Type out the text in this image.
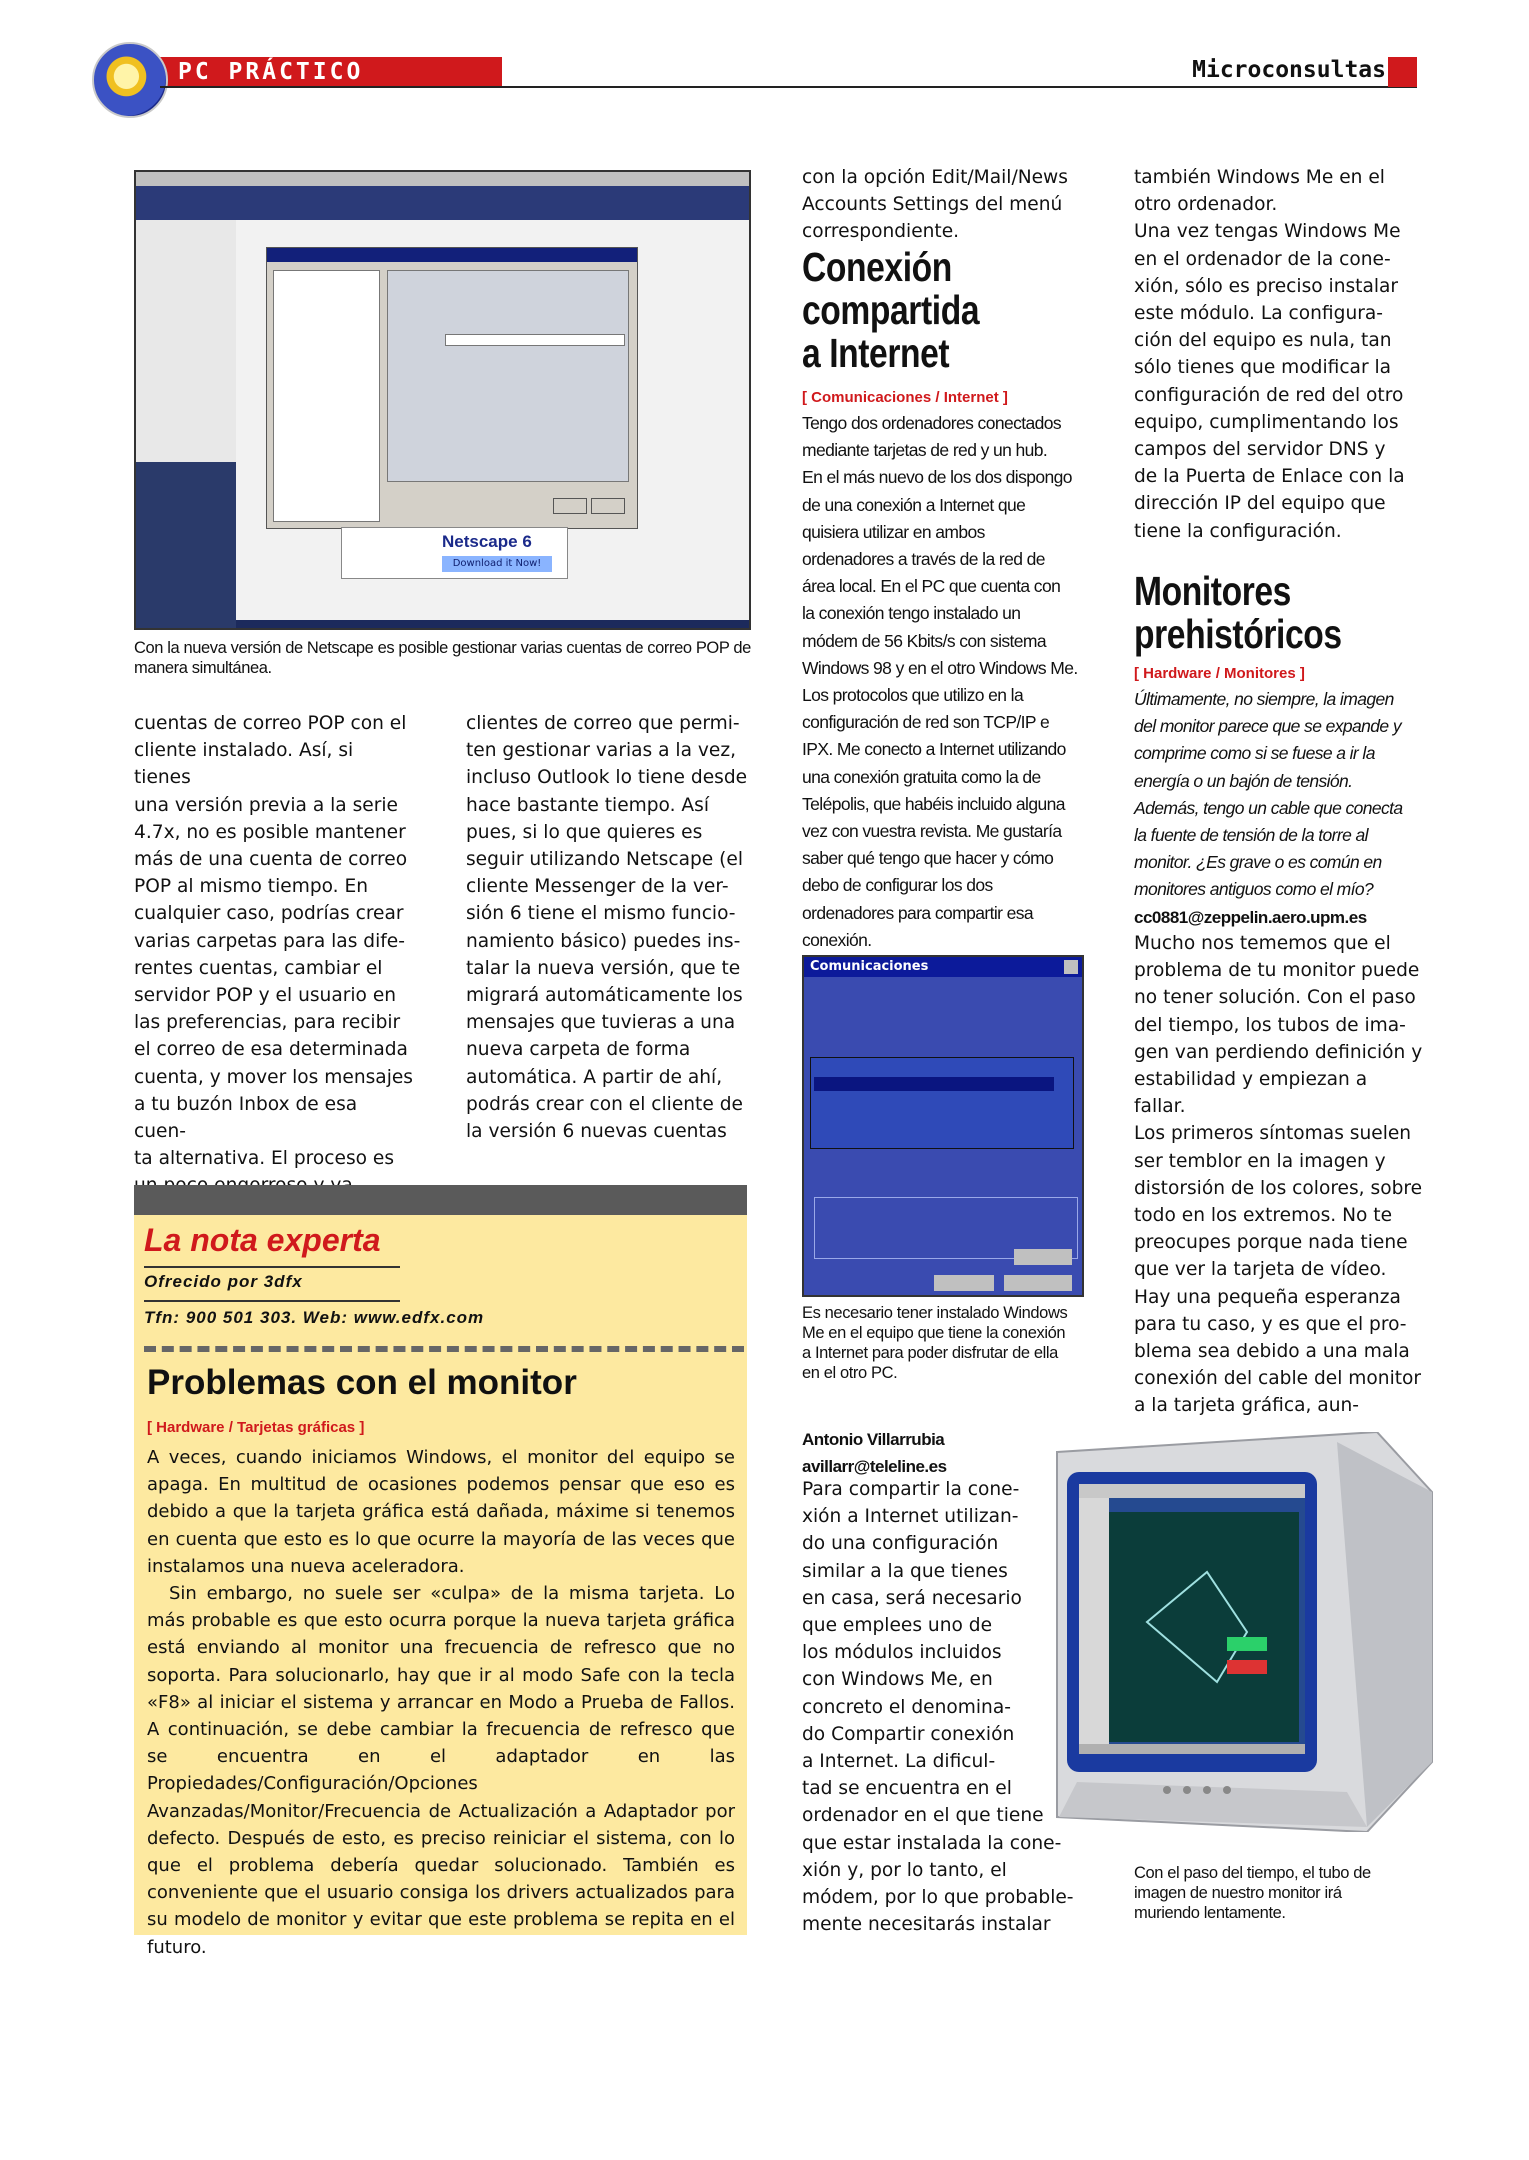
PC PRÁCTICO	Microconsultas
Netscape 6
Download it Now!
Con la nueva versión de Netscape es posible gestionar varias cuentas de correo POP de manera simultánea.

cuentas de correo POP con el

cliente instalado. Así, si tienes

una versión previa a la serie

4.7x, no es posible mantener

más de una cuenta de correo

POP al mismo tiempo. En

cualquier caso, podrías crear

varias carpetas para las dife-

rentes cuentas, cambiar el

servidor POP y el usuario en

las preferencias, para recibir

el correo de esa determinada

cuenta, y mover los mensajes

a tu buzón Inbox de esa cuen-

ta alternativa. El proceso es

clientes de correo que permi-

ten gestionar varias a la vez,

incluso Outlook lo tiene desde

hace bastante tiempo. Así

pues, si lo que quieres es

seguir utilizando Netscape (el

cliente Messenger de la ver-

sión 6 tiene el mismo funcio-

namiento básico) puedes ins-

talar la nueva versión, que te

migrará automáticamente los

mensajes que tuvieras a una

nueva carpeta de forma

automática. A partir de ahí,

podrás crear con el cliente de

la versión 6 nuevas cuentas

La nota experta
Ofrecido por 3dfx
Tfn: 900 501 303. Web: www.edfx.com
Problemas con el monitor
[ Hardware / Tarjetas gráficas ]

A veces, cuando iniciamos Windows, el monitor del equipo se apaga. En multitud de ocasiones podemos pensar que eso es debido a que la tarjeta gráfica está dañada, máxime si tenemos en cuenta que esto es lo que ocurre la mayoría de las veces que instalamos una nueva aceleradora.

Sin embargo, no suele ser «culpa» de la misma tarjeta. Lo más probable es que esto ocurra porque la nueva tarjeta gráfica está enviando al monitor una frecuencia de refresco que no soporta. Para solucionarlo, hay que ir al modo Safe con la tecla «F8» al iniciar el sistema y arrancar en Modo a Prueba de Fallos. A continuación, se debe cambiar la frecuencia de refresco que se encuentra en el adaptador en las Propiedades/Configuración/Opciones Avanzadas/Monitor/Frecuencia de Actualización a Adaptador por defecto. Después de esto, es preciso reiniciar el sistema, con lo que el problema debería quedar solucionado. También es conveniente que el usuario consiga los drivers actualizados para su modelo de monitor y evitar que este problema se repita en el futuro.

con la opción Edit/Mail/News

Accounts Settings del menú

correspondiente.

Conexión

compartida

a Internet

[ Comunicaciones / Internet ]

Tengo dos ordenadores conectados

mediante tarjetas de red y un hub.

En el más nuevo de los dos dispongo

de una conexión a Internet que

quisiera utilizar en ambos

ordenadores a través de la red de

área local. En el PC que cuenta con

la conexión tengo instalado un

módem de 56 Kbits/s con sistema

Windows 98 y en el otro Windows Me.

Los protocolos que utilizo en la

configuración de red son TCP/IP e

IPX. Me conecto a Internet utilizando

una conexión gratuita como la de

Telépolis, que habéis incluido alguna

vez con vuestra revista. Me gustaría

saber qué tengo que hacer y cómo

debo de configurar los dos

ordenadores para compartir esa

conexión.

Comunicaciones

Es necesario tener instalado Windows

Me en el equipo que tiene la conexión

a Internet para poder disfrutar de ella

en el otro PC.

Antonio Villarrubia

avillarr@teleline.es

Para compartir la cone-

xión a Internet utilizan-

do una configuración

similar a la que tienes

en casa, será necesario

que emplees uno de

los módulos incluidos

con Windows Me, en

concreto el denomina-

do Compartir conexión

a Internet. La dificul-

tad se encuentra en el

ordenador en el que tiene

que estar instalada la cone-

xión y, por lo tanto, el

módem, por lo que probable-

mente necesitarás instalar

también Windows Me en el

otro ordenador.

Una vez tengas Windows Me

en el ordenador de la cone-

xión, sólo es preciso instalar

este módulo. La configura-

ción del equipo es nula, tan

sólo tienes que modificar la

configuración de red del otro

equipo, cumplimentando los

campos del servidor DNS y

de la Puerta de Enlace con la

dirección IP del equipo que

tiene la configuración.

Monitores

prehistóricos

[ Hardware / Monitores ]

Últimamente, no siempre, la imagen

del monitor parece que se expande y

comprime como si se fuese a ir la

energía o un bajón de tensión.

Además, tengo un cable que conecta

la fuente de tensión de la torre al

monitor. ¿Es grave o es común en

monitores antiguos como el mío?

cc0881@zeppelin.aero.upm.es

Mucho nos tememos que el

problema de tu monitor puede

no tener solución. Con el paso

del tiempo, los tubos de ima-

gen van perdiendo definición y

estabilidad y empiezan a

fallar.

Los primeros síntomas suelen

ser temblor en la imagen y

distorsión de los colores, sobre

todo en los extremos. No te

preocupes porque nada tiene

que ver la tarjeta de vídeo.

Hay una pequeña esperanza

para tu caso, y es que el pro-

blema sea debido a una mala

conexión del cable del monitor

a la tarjeta gráfica, aun-

Con el paso del tiempo, el tubo de

imagen de nuestro monitor irá

muriendo lentamente.
